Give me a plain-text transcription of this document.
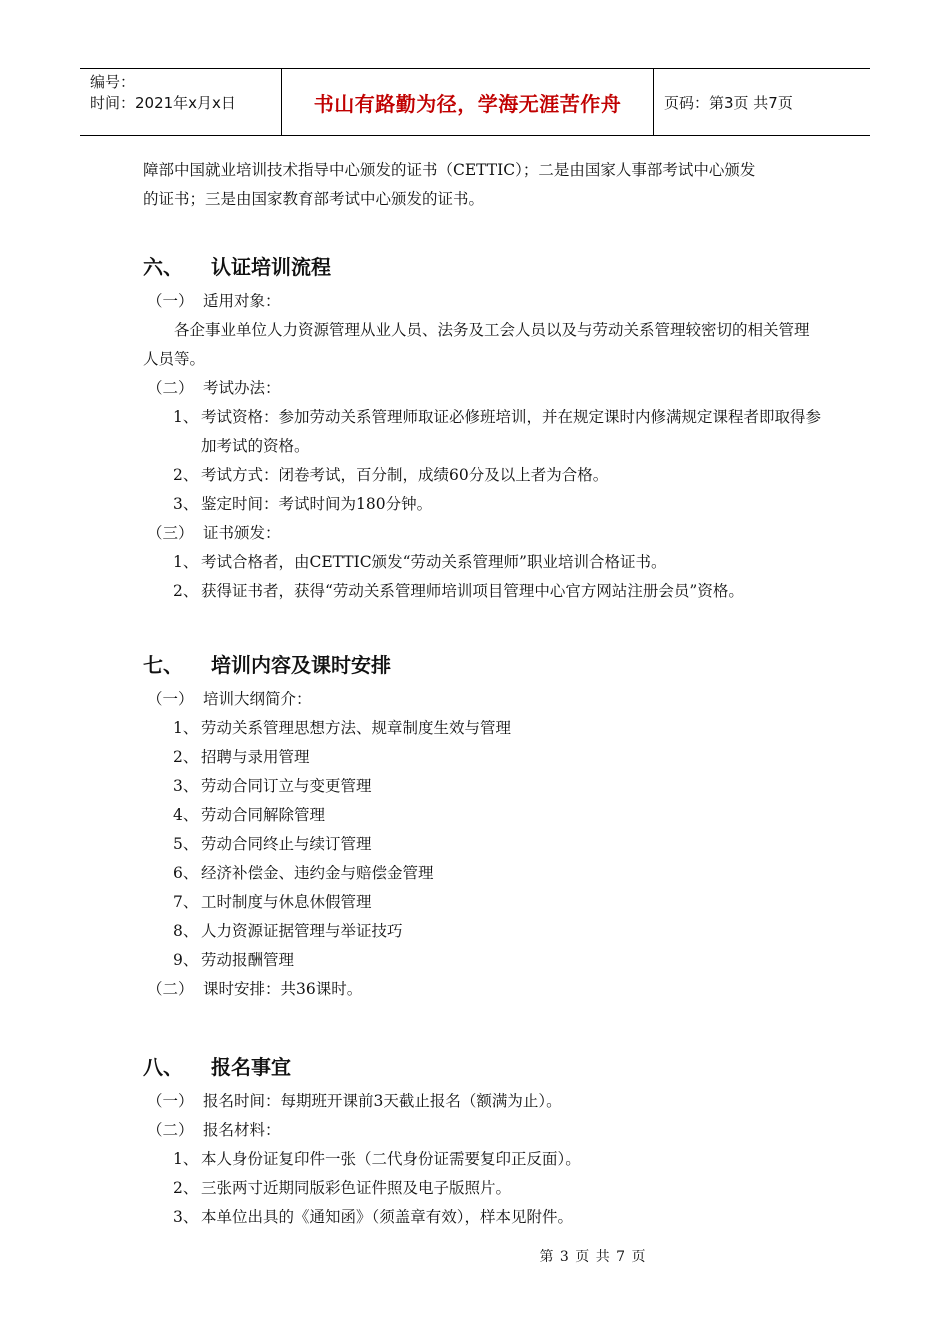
编号：
时间：2021年x月x日	书山有路勤为径，学海无涯苦作舟	页码：第3页 共7页

障部中国就业培训技术指导中心颁发的证书（CETTIC）；二是由国家人事部考试中心颁发

的证书；三是由国家教育部考试中心颁发的证书。

六、	认证培训流程
（一） 适用对象：

各企事业单位人力资源管理从业人员、法务及工会人员以及与劳动关系管理较密切的相关管理人员等。

（二） 考试办法：
1、 考试资格：参加劳动关系管理师取证必修班培训，并在规定课时内修满规定课程者即取得参加考试的资格。
2、 考试方式：闭卷考试，百分制，成绩60分及以上者为合格。
3、 鉴定时间：考试时间为180分钟。
（三） 证书颁发：
1、 考试合格者，由CETTIC颁发“劳动关系管理师”职业培训合格证书。
2、 获得证书者，获得“劳动关系管理师培训项目管理中心官方网站注册会员”资格。
七、	培训内容及课时安排
（一） 培训大纲简介：
1、 劳动关系管理思想方法、规章制度生效与管理
2、 招聘与录用管理
3、 劳动合同订立与变更管理
4、 劳动合同解除管理
5、 劳动合同终止与续订管理
6、 经济补偿金、违约金与赔偿金管理
7、 工时制度与休息休假管理
8、 人力资源证据管理与举证技巧
9、 劳动报酬管理
（二） 课时安排：共36课时。
八、	报名事宜
（一） 报名时间：每期班开课前3天截止报名（额满为止）。
（二） 报名材料：
1、 本人身份证复印件一张（二代身份证需要复印正反面）。
2、 三张两寸近期同版彩色证件照及电子版照片。
3、 本单位出具的《通知函》（须盖章有效），样本见附件。
第 3 页 共 7 页
